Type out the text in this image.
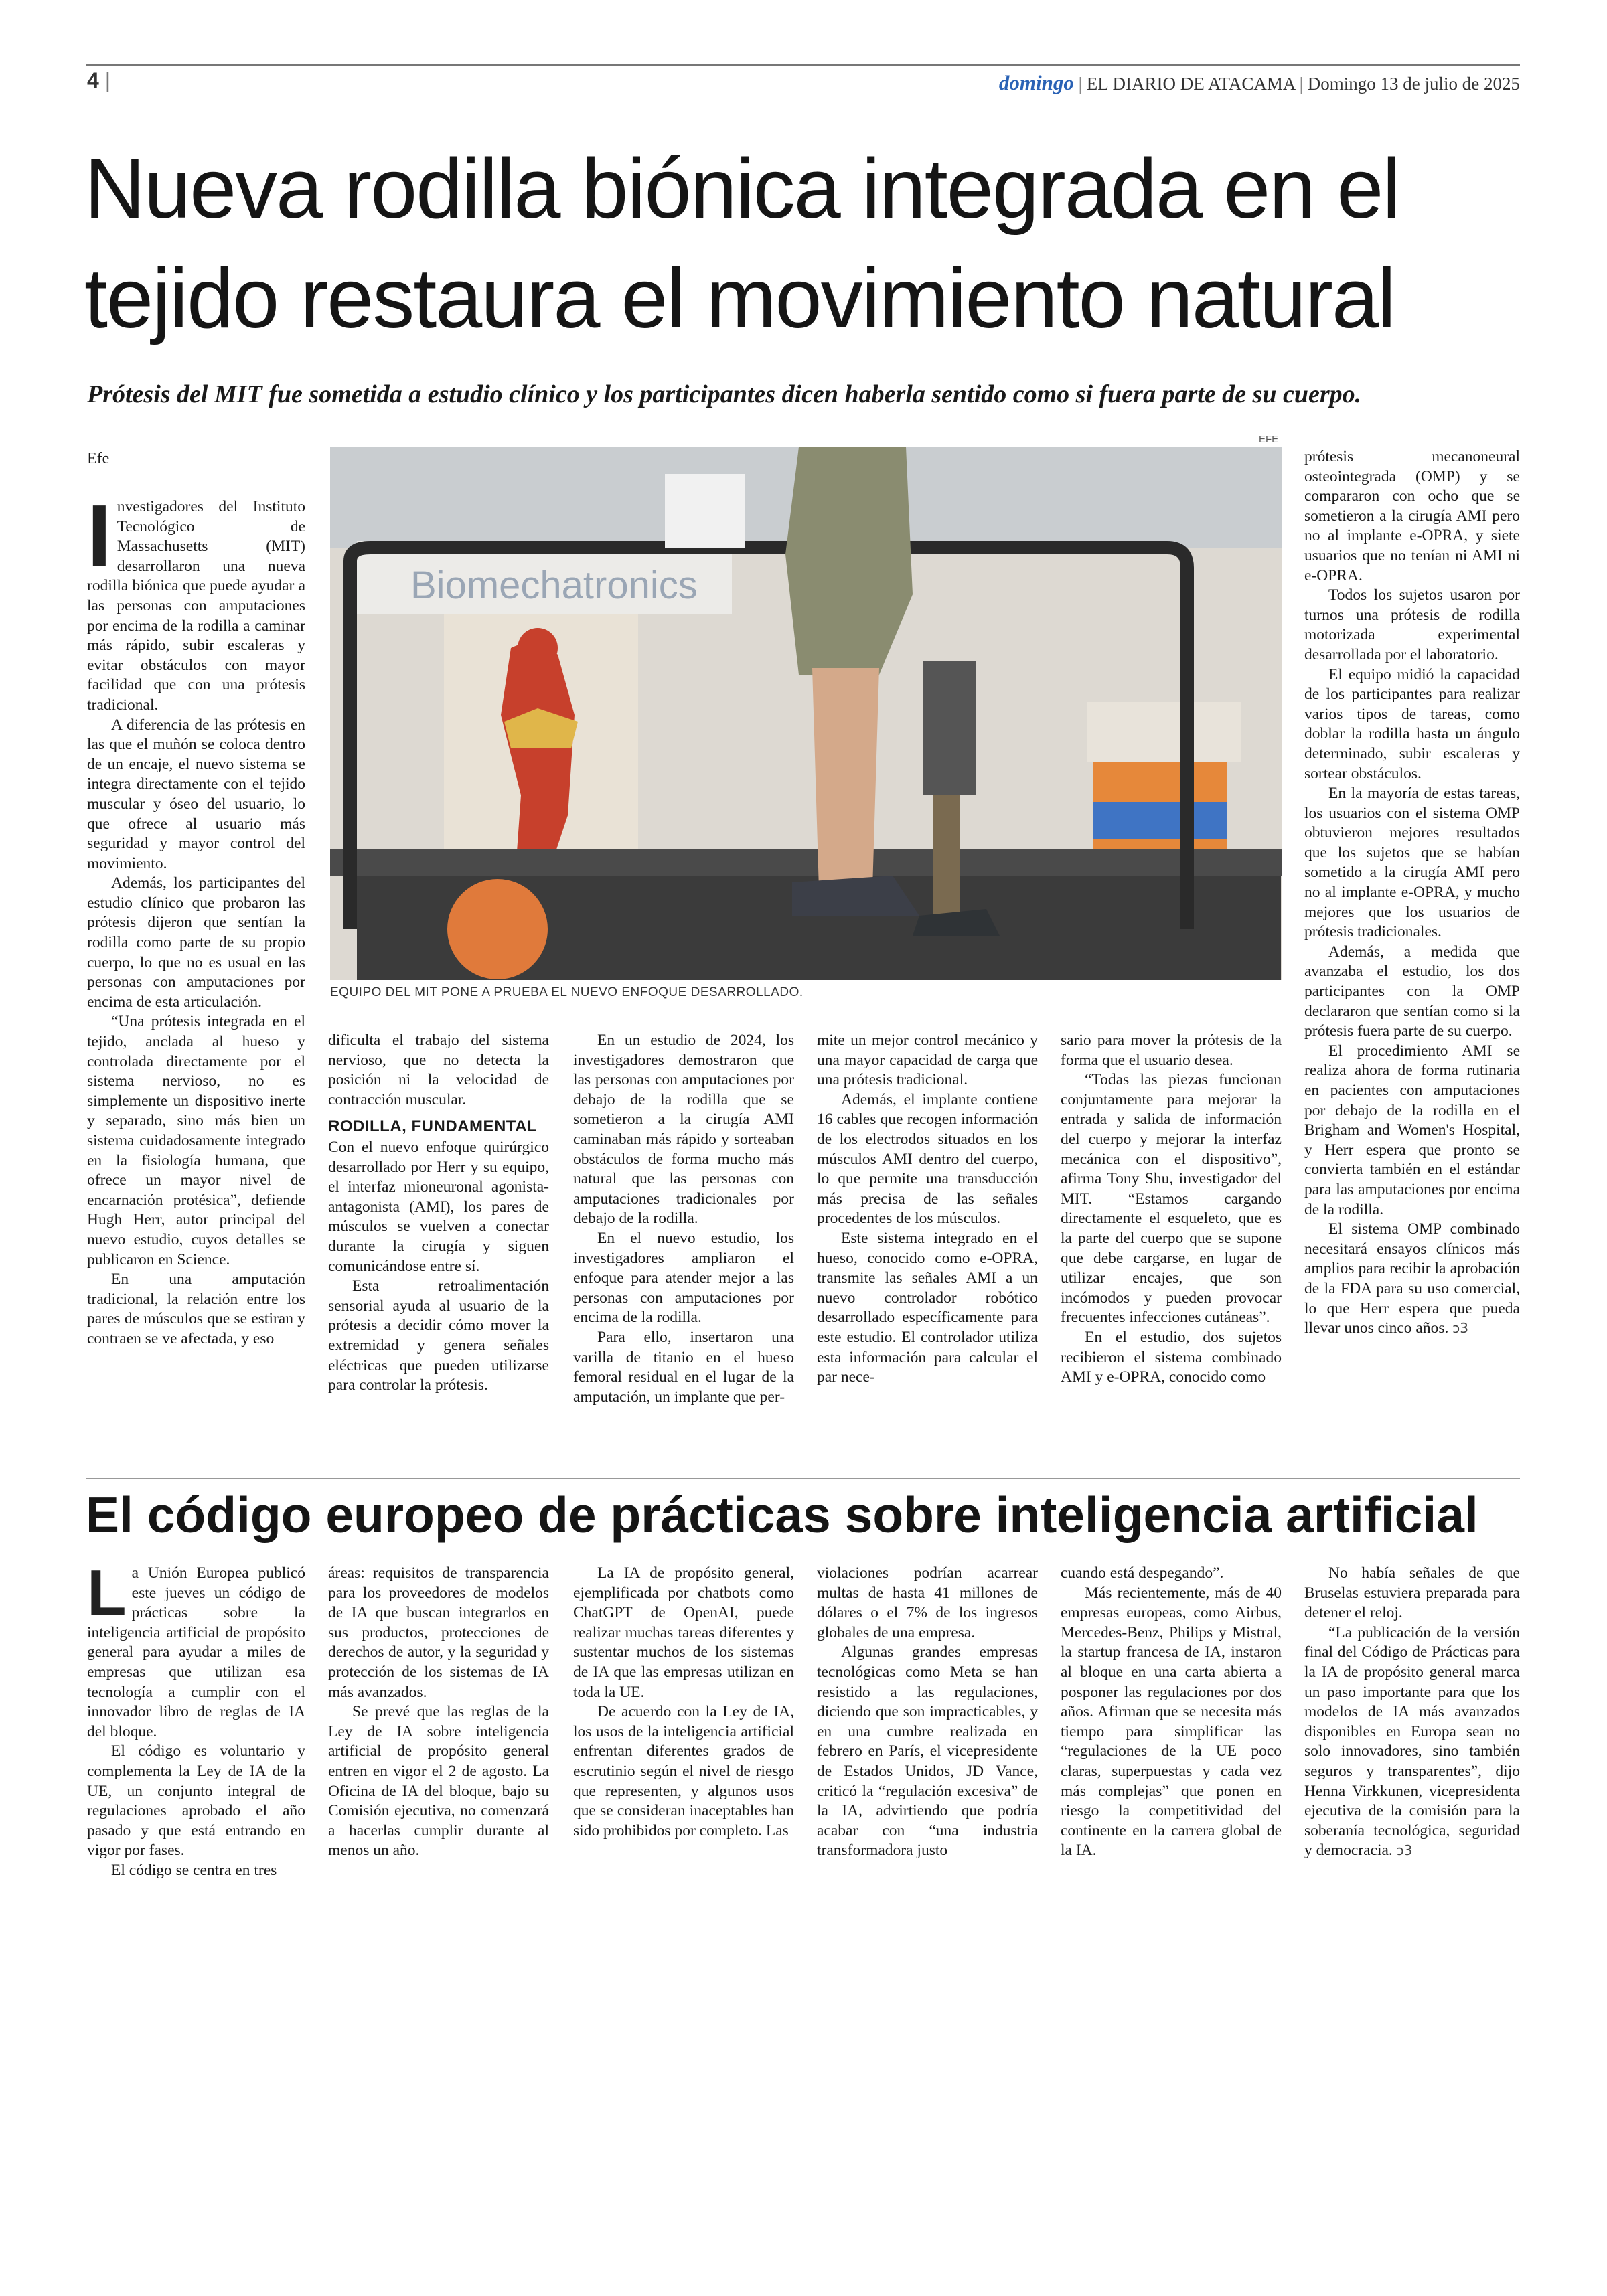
4 |	domingo | EL DIARIO DE ATACAMA | Domingo 13 de julio de 2025
Nueva rodilla biónica integrada en el
tejido restaura el movimiento natural
Prótesis del MIT fue sometida a estudio clínico y los participantes dicen haberla sentido como si fuera parte de su cuerpo.
Efe
EFE
Biomechatronics
EQUIPO DEL MIT PONE A PRUEBA EL NUEVO ENFOQUE DESARROLLADO.
I nvestigadores del Instituto Tecnológico de Massachusetts (MIT) desarrollaron una nueva rodilla biónica que puede ayudar a las personas con amputaciones por encima de la rodilla a caminar más rápido, subir escaleras y evitar obstáculos con mayor facilidad que con una prótesis tradicional.

A diferencia de las prótesis en las que el muñón se coloca dentro de un encaje, el nuevo sistema se integra directamente con el tejido muscular y óseo del usuario, lo que ofrece al usuario más seguridad y mayor control del movimiento.

Además, los participantes del estudio clínico que probaron las prótesis dijeron que sentían la rodilla como parte de su propio cuerpo, lo que no es usual en las personas con amputaciones por encima de esta articulación.

“Una prótesis integrada en el tejido, anclada al hueso y controlada directamente por el sistema nervioso, no es simplemente un dispositivo inerte y separado, sino más bien un sistema cuidadosamente integrado en la fisiología humana, que ofrece un mayor nivel de encarnación protésica”, defiende Hugh Herr, autor principal del nuevo estudio, cuyos detalles se publicaron en Science.

En una amputación tradicional, la relación entre los pares de músculos que se estiran y contraen se ve afectada, y eso

dificulta el trabajo del sistema nervioso, que no detecta la posición ni la velocidad de contracción muscular.

RODILLA, FUNDAMENTAL

Con el nuevo enfoque quirúrgico desarrollado por Herr y su equipo, el interfaz mioneuronal agonista-antagonista (AMI), los pares de músculos se vuelven a conectar durante la cirugía y siguen comunicándose entre sí.

Esta retroalimentación sensorial ayuda al usuario de la prótesis a decidir cómo mover la extremidad y genera señales eléctricas que pueden utilizarse para controlar la prótesis.

En un estudio de 2024, los investigadores demostraron que las personas con amputaciones por debajo de la rodilla que se sometieron a la cirugía AMI caminaban más rápido y sorteaban obstáculos de forma mucho más natural que las personas con amputaciones tradicionales por debajo de la rodilla.

En el nuevo estudio, los investigadores ampliaron el enfoque para atender mejor a las personas con amputaciones por encima de la rodilla.

Para ello, insertaron una varilla de titanio en el hueso femoral residual en el lugar de la amputación, un implante que per-

mite un mejor control mecánico y una mayor capacidad de carga que una prótesis tradicional.

Además, el implante contiene 16 cables que recogen información de los electrodos situados en los músculos AMI dentro del cuerpo, lo que permite una transducción más precisa de las señales procedentes de los músculos.

Este sistema integrado en el hueso, conocido como e-OPRA, transmite las señales AMI a un nuevo controlador robótico desarrollado específicamente para este estudio. El controlador utiliza esta información para calcular el par nece-

sario para mover la prótesis de la forma que el usuario desea.

“Todas las piezas funcionan conjuntamente para mejorar la entrada y salida de información del cuerpo y mejorar la interfaz mecánica con el dispositivo”, afirma Tony Shu, investigador del MIT. “Estamos cargando directamente el esqueleto, que es la parte del cuerpo que se supone que debe cargarse, en lugar de utilizar encajes, que son incómodos y pueden provocar frecuentes infecciones cutáneas”.

En el estudio, dos sujetos recibieron el sistema combinado AMI y e-OPRA, conocido como

prótesis mecanoneural osteointegrada (OMP) y se compararon con ocho que se sometieron a la cirugía AMI pero no al implante e-OPRA, y siete usuarios que no tenían ni AMI ni e-OPRA.

Todos los sujetos usaron por turnos una prótesis de rodilla motorizada experimental desarrollada por el laboratorio.

El equipo midió la capacidad de los participantes para realizar varios tipos de tareas, como doblar la rodilla hasta un ángulo determinado, subir escaleras y sortear obstáculos.

En la mayoría de estas tareas, los usuarios con el sistema OMP obtuvieron mejores resultados que los sujetos que se habían sometido a la cirugía AMI pero no al implante e-OPRA, y mucho mejores que los usuarios de prótesis tradicionales.

Además, a medida que avanzaba el estudio, los dos participantes con la OMP declararon que sentían como si la prótesis fuera parte de su cuerpo.

El procedimiento AMI se realiza ahora de forma rutinaria en pacientes con amputaciones por debajo de la rodilla en el Brigham and Women's Hospital, y Herr espera que pronto se convierta también en el estándar para las amputaciones por encima de la rodilla.

El sistema OMP combinado necesitará ensayos clínicos más amplios para recibir la aprobación de la FDA para su uso comercial, lo que Herr espera que pueda llevar unos cinco años. ↄ3

El código europeo de prácticas sobre inteligencia artificial
L a Unión Europea publicó este jueves un código de prácticas sobre la inteligencia artificial de propósito general para ayudar a miles de empresas que utilizan esa tecnología a cumplir con el innovador libro de reglas de IA del bloque.

El código es voluntario y complementa la Ley de IA de la UE, un conjunto integral de regulaciones aprobado el año pasado y que está entrando en vigor por fases.

El código se centra en tres

áreas: requisitos de transparencia para los proveedores de modelos de IA que buscan integrarlos en sus productos, protecciones de derechos de autor, y la seguridad y protección de los sistemas de IA más avanzados.

Se prevé que las reglas de la Ley de IA sobre inteligencia artificial de propósito general entren en vigor el 2 de agosto. La Oficina de IA del bloque, bajo su Comisión ejecutiva, no comenzará a hacerlas cumplir durante al menos un año.

La IA de propósito general, ejemplificada por chatbots como ChatGPT de OpenAI, puede realizar muchas tareas diferentes y sustentar muchos de los sistemas de IA que las empresas utilizan en toda la UE.

De acuerdo con la Ley de IA, los usos de la inteligencia artificial enfrentan diferentes grados de escrutinio según el nivel de riesgo que representen, y algunos usos que se consideran inaceptables han sido prohibidos por completo. Las

violaciones podrían acarrear multas de hasta 41 millones de dólares o el 7% de los ingresos globales de una empresa.

Algunas grandes empresas tecnológicas como Meta se han resistido a las regulaciones, diciendo que son impracticables, y en una cumbre realizada en febrero en París, el vicepresidente de Estados Unidos, JD Vance, criticó la “regulación excesiva” de la IA, advirtiendo que podría acabar con “una industria transformadora justo

cuando está despegando”.

Más recientemente, más de 40 empresas europeas, como Airbus, Mercedes-Benz, Philips y Mistral, la startup francesa de IA, instaron al bloque en una carta abierta a posponer las regulaciones por dos años. Afirman que se necesita más tiempo para simplificar las “regulaciones de la UE poco claras, superpuestas y cada vez más complejas” que ponen en riesgo la competitividad del continente en la carrera global de la IA.

No había señales de que Bruselas estuviera preparada para detener el reloj.

“La publicación de la versión final del Código de Prácticas para la IA de propósito general marca un paso importante para que los modelos de IA más avanzados disponibles en Europa sean no solo innovadores, sino también seguros y transparentes”, dijo Henna Virkkunen, vicepresidenta ejecutiva de la comisión para la soberanía tecnológica, seguridad y democracia. ↄ3
